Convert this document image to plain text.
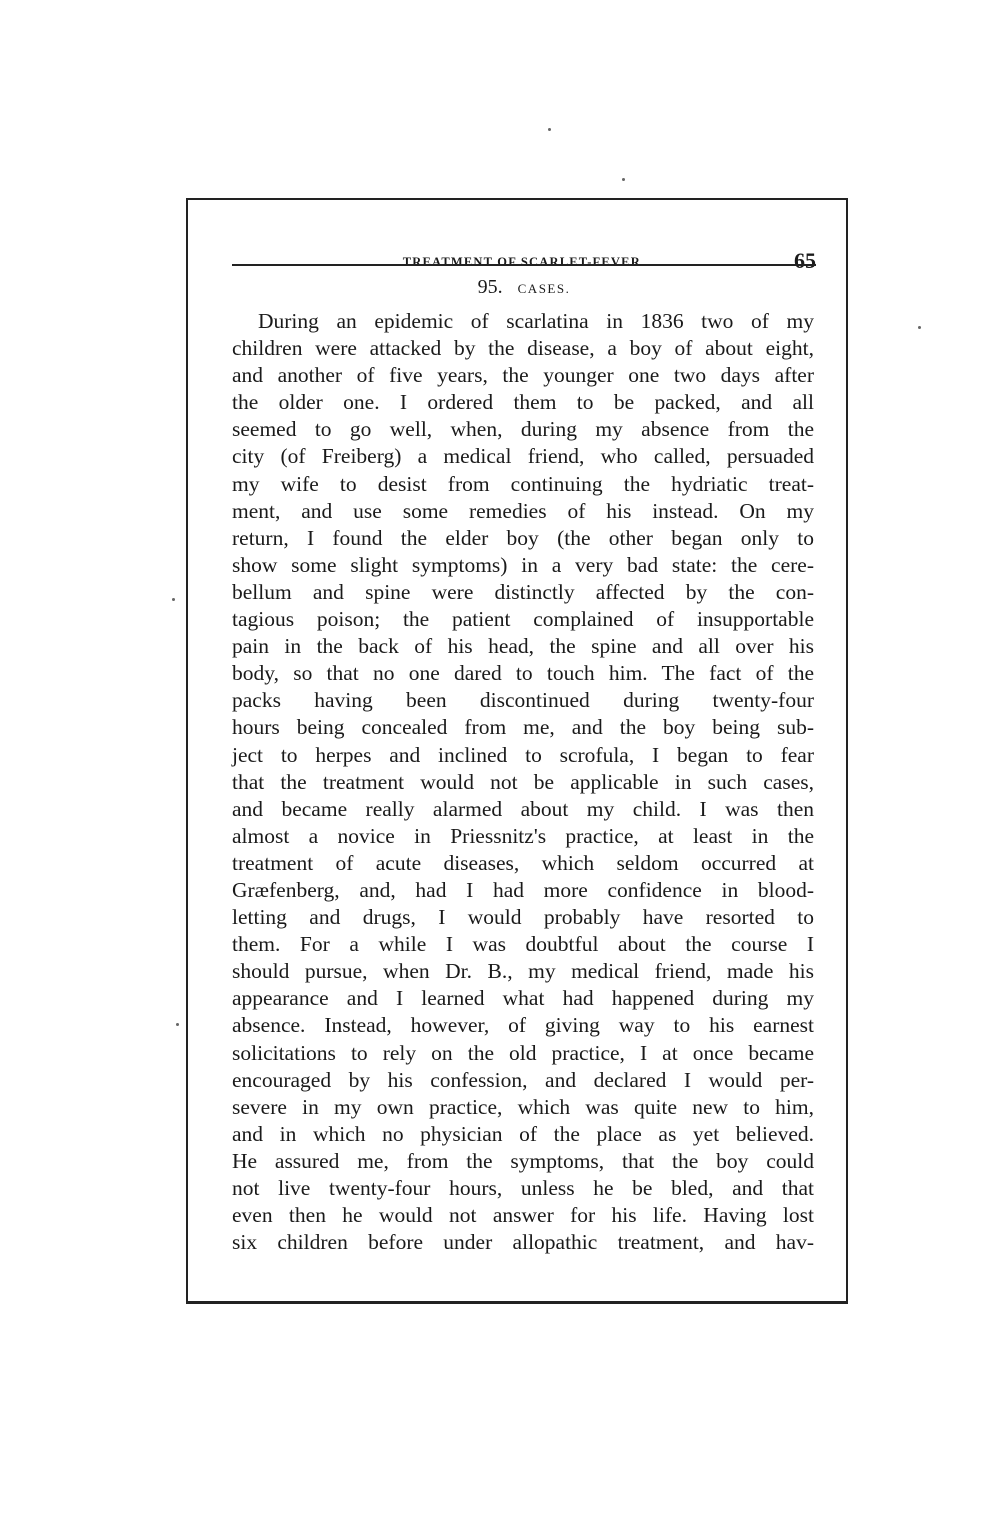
TREATMENT OF SCARLET-FEVER.	65
95. CASES.
During an epidemic of scarlatina in 1836 two of my
children were attacked by the disease, a boy of about eight,
and another of five years, the younger one two days after
the older one. I ordered them to be packed, and all
seemed to go well, when, during my absence from the
city (of Freiberg) a medical friend, who called, persuaded
my wife to desist from continuing the hydriatic treat-
ment, and use some remedies of his instead. On my
return, I found the elder boy (the other began only to
show some slight symptoms) in a very bad state: the cere-
bellum and spine were distinctly affected by the con-
tagious poison; the patient complained of insupportable
pain in the back of his head, the spine and all over his
body, so that no one dared to touch him. The fact of the
packs having been discontinued during twenty-four
hours being concealed from me, and the boy being sub-
ject to herpes and inclined to scrofula, I began to fear
that the treatment would not be applicable in such cases,
and became really alarmed about my child. I was then
almost a novice in Priessnitz's practice, at least in the
treatment of acute diseases, which seldom occurred at
Græfenberg, and, had I had more confidence in blood-
letting and drugs, I would probably have resorted to
them. For a while I was doubtful about the course I
should pursue, when Dr. B., my medical friend, made his
appearance and I learned what had happened during my
absence. Instead, however, of giving way to his earnest
solicitations to rely on the old practice, I at once became
encouraged by his confession, and declared I would per-
severe in my own practice, which was quite new to him,
and in which no physician of the place as yet believed.
He assured me, from the symptoms, that the boy could
not live twenty-four hours, unless he be bled, and that
even then he would not answer for his life. Having lost
six children before under allopathic treatment, and hav-
